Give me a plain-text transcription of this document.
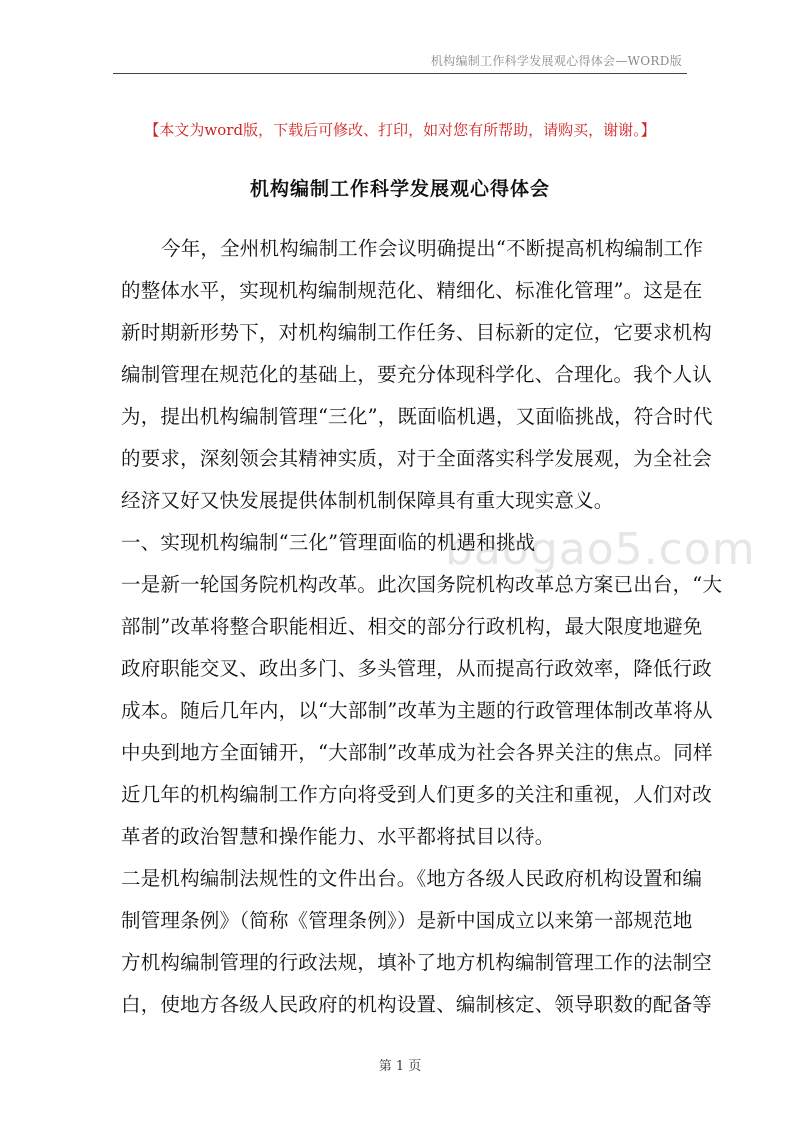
机构编制工作科学发展观心得体会—WORD版
【本文为word版，下载后可修改、打印，如对您有所帮助，请购买，谢谢。】
机构编制工作科学发展观心得体会
baogao5.com
今年，全州机构编制工作会议明确提出“不断提高机构编制工作
的整体水平，实现机构编制规范化、精细化、标准化管理”。这是在
新时期新形势下，对机构编制工作任务、目标新的定位，它要求机构
编制管理在规范化的基础上，要充分体现科学化、合理化。我个人认
为，提出机构编制管理“三化”，既面临机遇，又面临挑战，符合时代
的要求，深刻领会其精神实质，对于全面落实科学发展观，为全社会
经济又好又快发展提供体制机制保障具有重大现实意义。
一、实现机构编制“三化”管理面临的机遇和挑战
一是新一轮国务院机构改革。此次国务院机构改革总方案已出台，“大
部制”改革将整合职能相近、相交的部分行政机构，最大限度地避免
政府职能交叉、政出多门、多头管理，从而提高行政效率，降低行政
成本。随后几年内，以“大部制”改革为主题的行政管理体制改革将从
中央到地方全面铺开，“大部制”改革成为社会各界关注的焦点。同样
近几年的机构编制工作方向将受到人们更多的关注和重视，人们对改
革者的政治智慧和操作能力、水平都将拭目以待。
二是机构编制法规性的文件出台。《地方各级人民政府机构设置和编
制管理条例》（简称《管理条例》）是新中国成立以来第一部规范地
方机构编制管理的行政法规，填补了地方机构编制管理工作的法制空
白，使地方各级人民政府的机构设置、编制核定、领导职数的配备等
第 1 页
